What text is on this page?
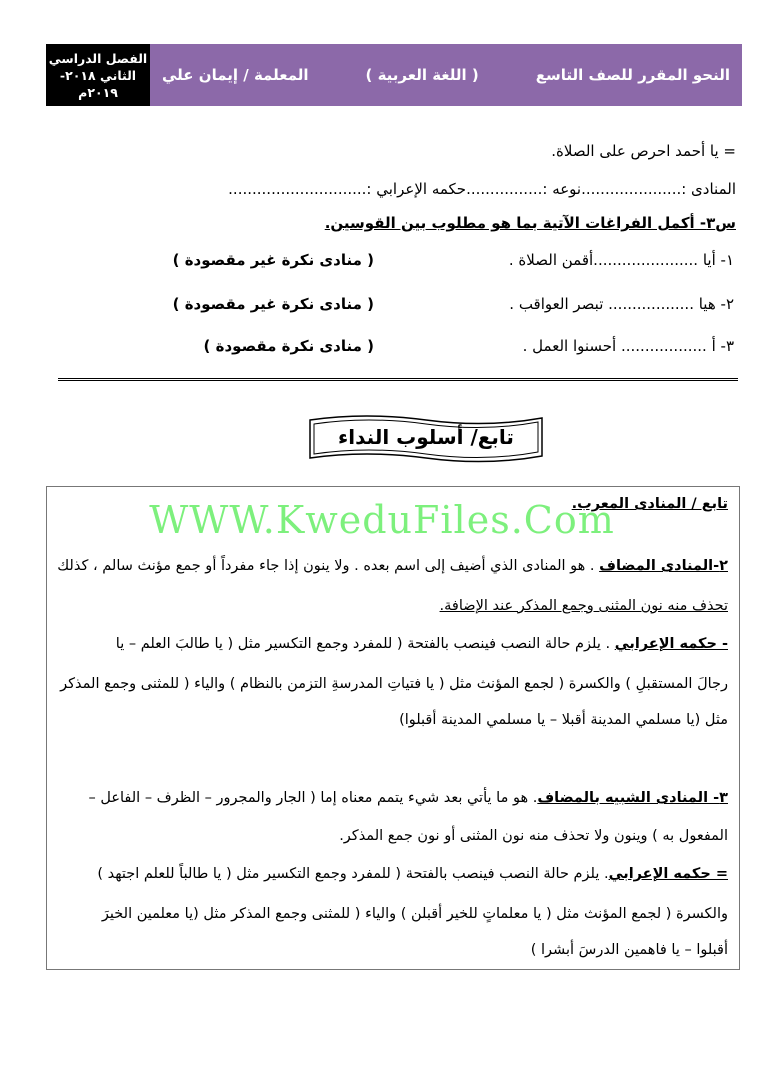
الفصل الدراسي
الثاني ٢٠١٨-
٢٠١٩م
النحو المقرر للصف التاسع
( اللغة العربية )
المعلمة / إيمان علي
= يا أحمد احرص على الصلاة.
المنادى :.....................نوعه :................حكمه الإعرابي :.............................
س٣- أكمل الفراغات الآتية بما هو مطلوب بين القوسين.
١- أيا ......................أقمن الصلاة .
( منادى نكرة غير مقصودة )
٢- هيا .................. تبصر العواقب .
( منادى نكرة غير مقصودة )
٣- أ .................. أحسنوا العمل .
( منادى نكرة مقصودة )
تابع/ أسلوب النداء
تابع / المنادى المعرب.
WWW.KweduFiles.Com
٢-المنادى المضاف . هو المنادى الذي أضيف إلى اسم بعده . ولا ينون إذا جاء مفرداً أو جمع مؤنث سالم ، كذلك
تحذف منه نون المثنى وجمع المذكر عند الإضافة.
- حكمه الإعرابي . يلزم حالة النصب فينصب بالفتحة ( للمفرد وجمع التكسير مثل ( يا طالبَ العلم – يا
رجالَ المستقبلِ ) والكسرة ( لجمع المؤنث مثل ( يا فتياتِ المدرسةِ التزمن بالنظام ) والياء ( للمثنى وجمع المذكر
مثل (يا مسلمي المدينة أقبلا – يا مسلمي المدينة أقبلوا)
٣- المنادى الشبيه بالمضاف. هو ما يأتي بعد شيء يتمم معناه إما ( الجار والمجرور – الظرف – الفاعل –
المفعول به ) وينون ولا تحذف منه نون المثنى أو نون جمع المذكر.
= حكمه الإعرابي. يلزم حالة النصب فينصب بالفتحة ( للمفرد وجمع التكسير مثل ( يا طالباً للعلم اجتهد )
والكسرة ( لجمع المؤنث مثل ( يا معلماتٍ للخير أقبلن ) والياء ( للمثنى وجمع المذكر مثل (يا معلمين الخيرَ
أقبلوا – يا فاهمين الدرسَ أبشرا )
